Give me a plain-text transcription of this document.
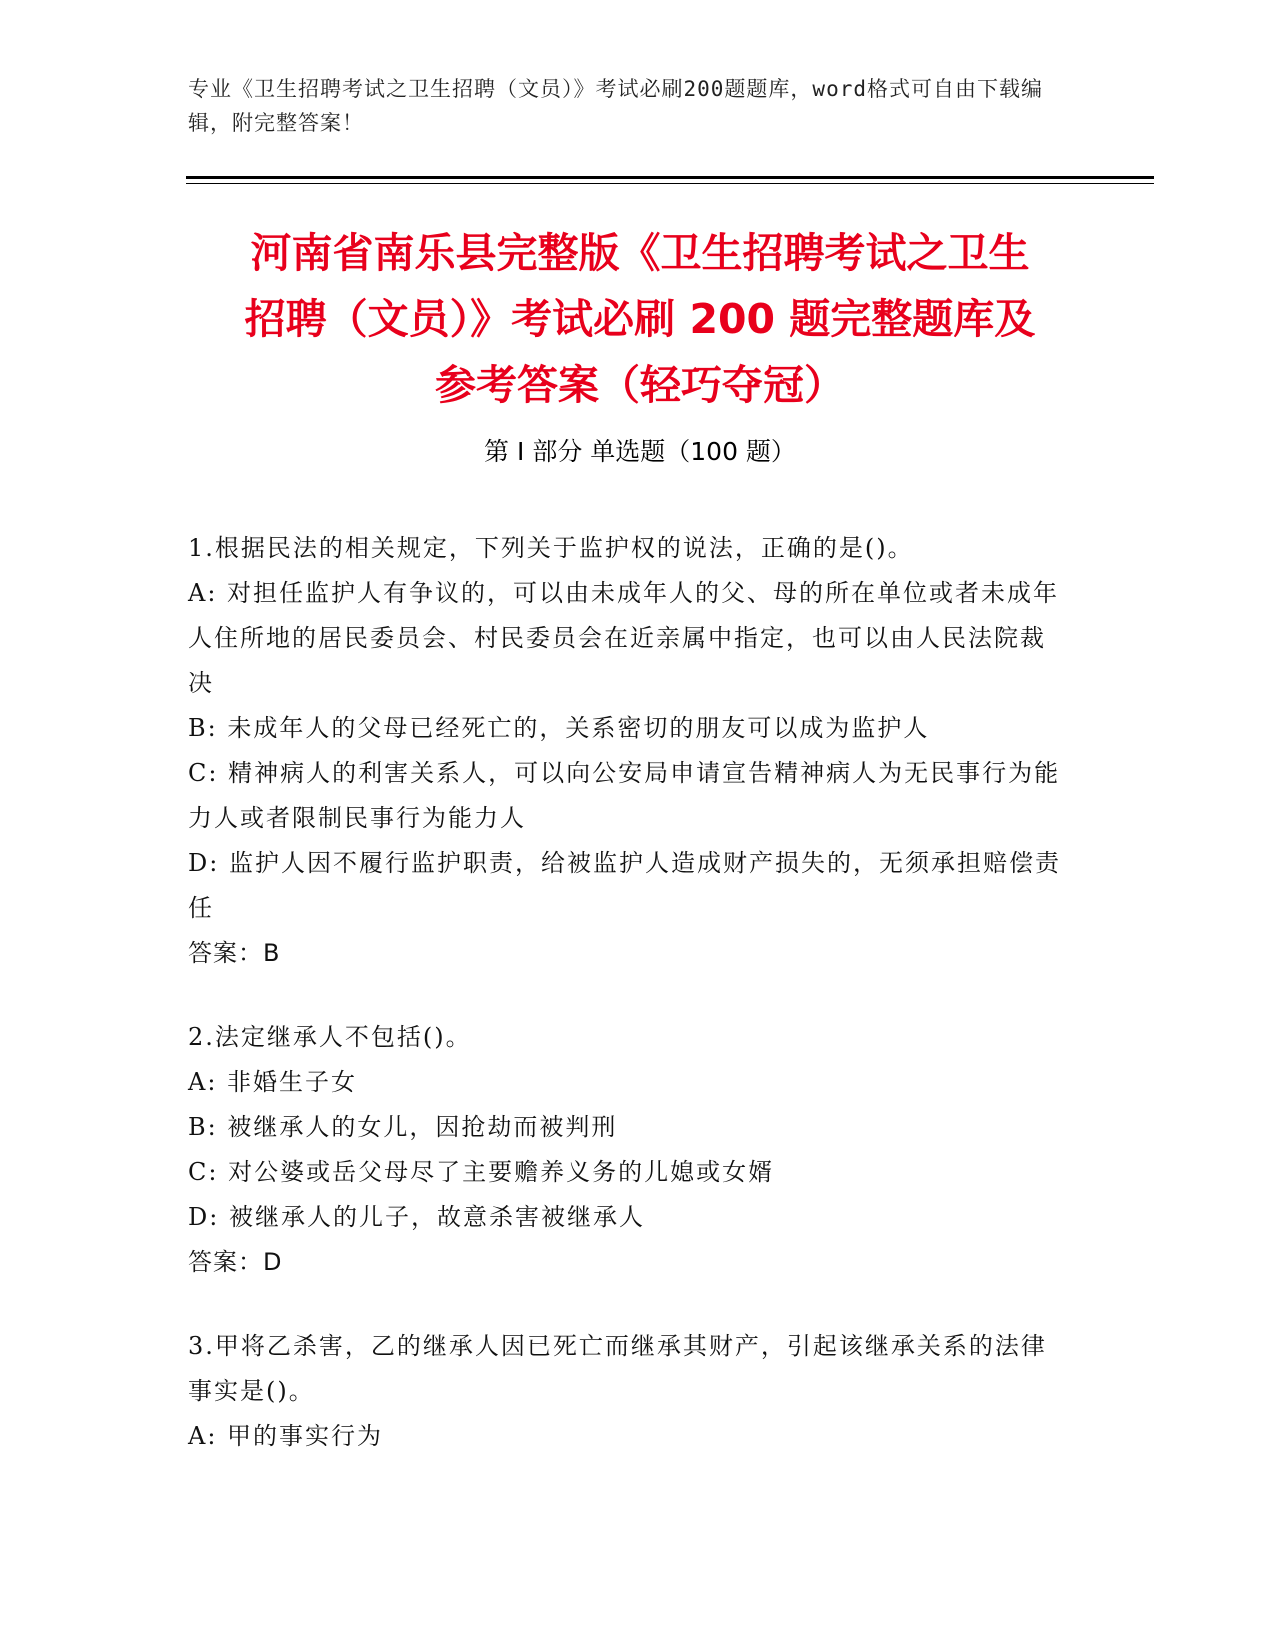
专业《卫生招聘考试之卫生招聘（文员）》考试必刷200题题库，word格式可自由下载编辑，附完整答案！
河南省南乐县完整版《卫生招聘考试之卫生
招聘（文员）》考试必刷 200 题完整题库及
参考答案（轻巧夺冠）
第 I 部分 单选题（100 题）

1.根据民法的相关规定，下列关于监护权的说法，正确的是()。

A: 对担任监护人有争议的，可以由未成年人的父、母的所在单位或者未成年人住所地的居民委员会、村民委员会在近亲属中指定，也可以由人民法院裁决

B: 未成年人的父母已经死亡的，关系密切的朋友可以成为监护人

C: 精神病人的利害关系人，可以向公安局申请宣告精神病人为无民事行为能力人或者限制民事行为能力人

D: 监护人因不履行监护职责，给被监护人造成财产损失的，无须承担赔偿责任

答案：B

2.法定继承人不包括()。

A: 非婚生子女

B: 被继承人的女儿，因抢劫而被判刑

C: 对公婆或岳父母尽了主要赡养义务的儿媳或女婿

D: 被继承人的儿子，故意杀害被继承人

答案：D

3.甲将乙杀害，乙的继承人因已死亡而继承其财产，引起该继承关系的法律事实是()。

A: 甲的事实行为
